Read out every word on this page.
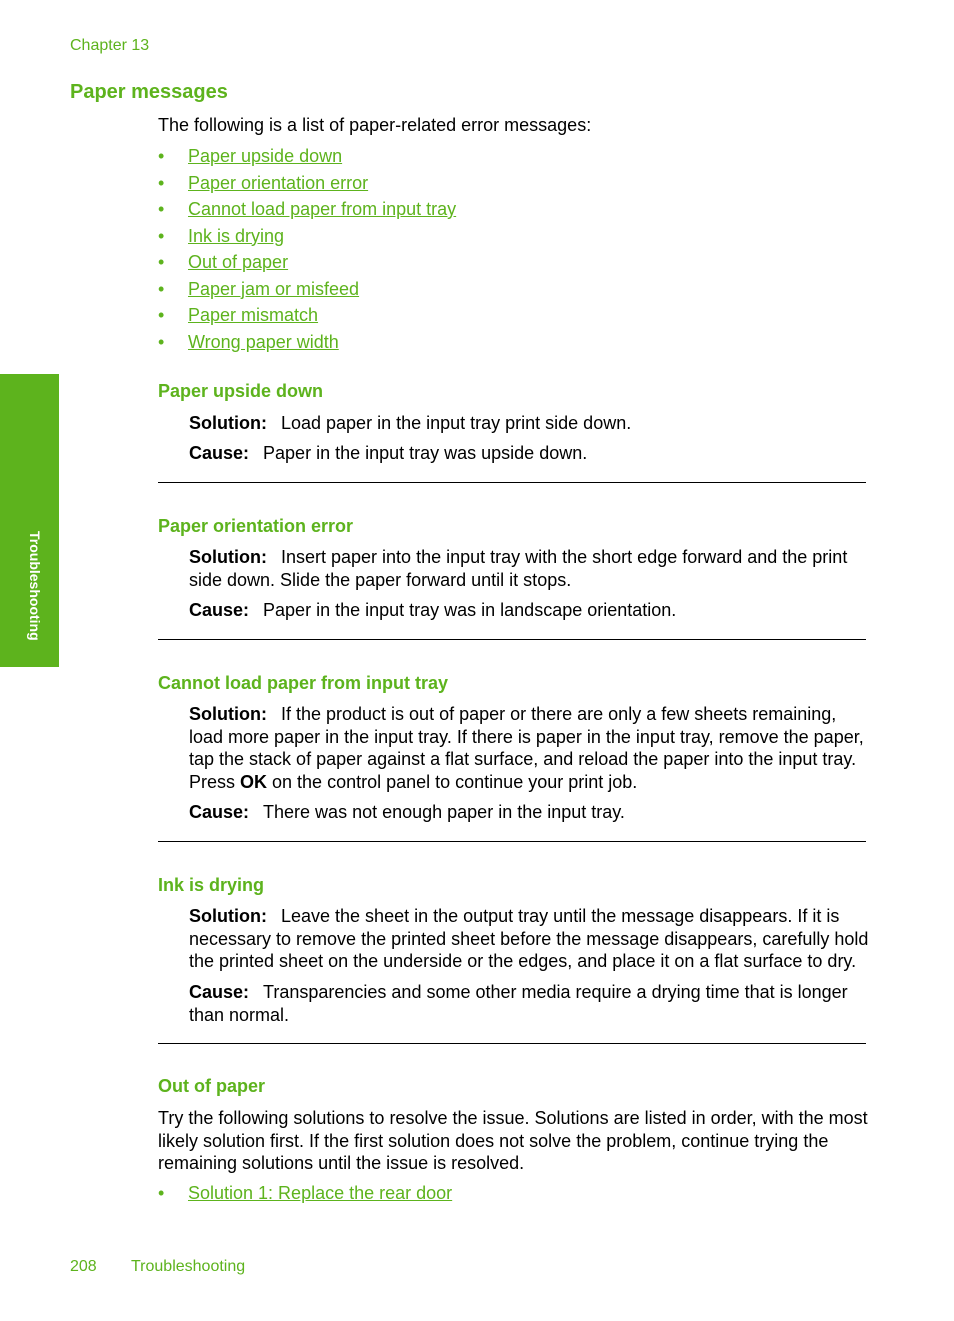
Chapter 13
Paper messages

The following is a list of paper-related error messages:

• Paper upside down
• Paper orientation error
• Cannot load paper from input tray
• Ink is drying
• Out of paper
• Paper jam or misfeed
• Paper mismatch
• Wrong paper width
Paper upside down

Solution: Load paper in the input tray print side down.

Cause: Paper in the input tray was upside down.

Paper orientation error

Solution: Insert paper into the input tray with the short edge forward and the print side down. Slide the paper forward until it stops.

Cause: Paper in the input tray was in landscape orientation.

Cannot load paper from input tray

Solution: If the product is out of paper or there are only a few sheets remaining, load more paper in the input tray. If there is paper in the input tray, remove the paper, tap the stack of paper against a flat surface, and reload the paper into the input tray. Press OK on the control panel to continue your print job.

Cause: There was not enough paper in the input tray.

Ink is drying

Solution: Leave the sheet in the output tray until the message disappears. If it is necessary to remove the printed sheet before the message disappears, carefully hold the printed sheet on the underside or the edges, and place it on a flat surface to dry.

Cause: Transparencies and some other media require a drying time that is longer than normal.

Out of paper

Try the following solutions to resolve the issue. Solutions are listed in order, with the most likely solution first. If the first solution does not solve the problem, continue trying the remaining solutions until the issue is resolved.

• Solution 1: Replace the rear door
Troubleshooting
208 Troubleshooting
